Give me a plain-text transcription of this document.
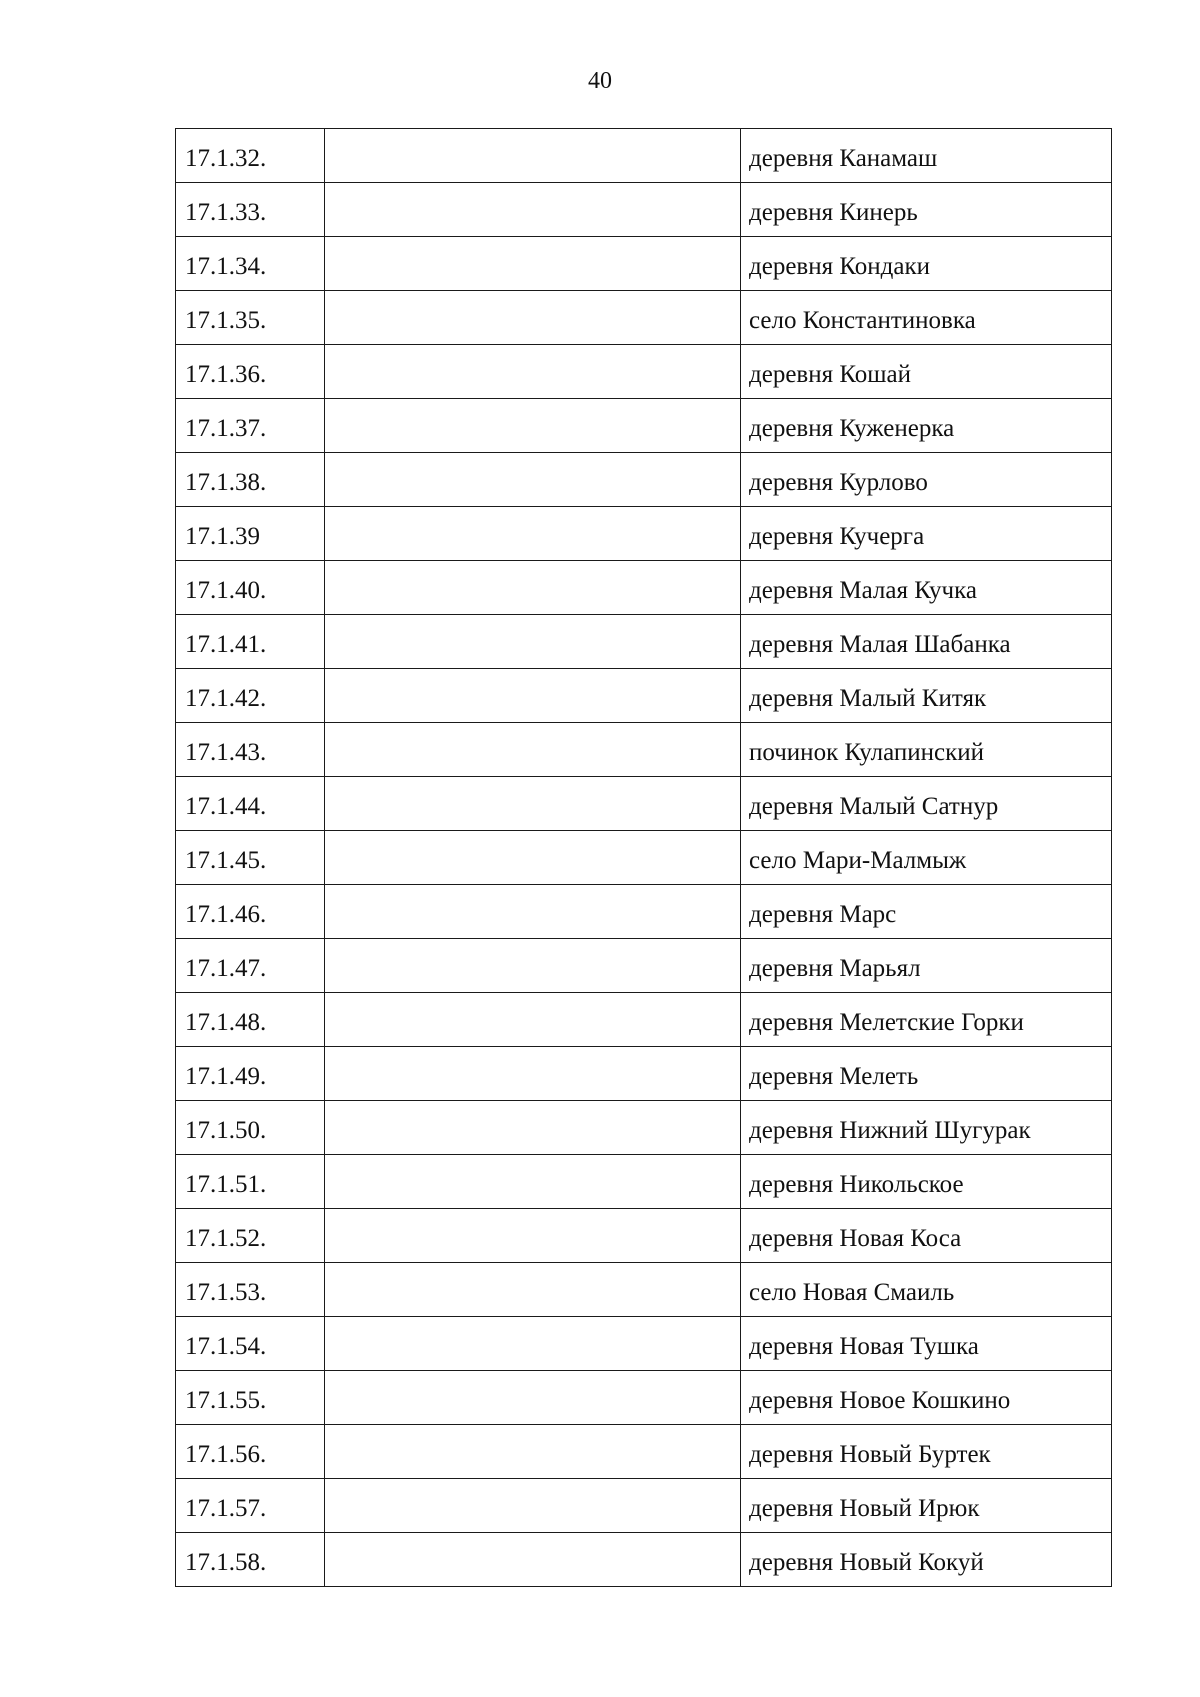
40
17.1.32.		деревня Канамаш
17.1.33.		деревня Кинерь
17.1.34.		деревня Кондаки
17.1.35.		село Константиновка
17.1.36.		деревня Кошай
17.1.37.		деревня Куженерка
17.1.38.		деревня Курлово
17.1.39		деревня Кучерга
17.1.40.		деревня Малая Кучка
17.1.41.		деревня Малая Шабанка
17.1.42.		деревня Малый Китяк
17.1.43.		починок Кулапинский
17.1.44.		деревня Малый Сатнур
17.1.45.		село Мари-Малмыж
17.1.46.		деревня Марс
17.1.47.		деревня Марьял
17.1.48.		деревня Мелетские Горки
17.1.49.		деревня Мелеть
17.1.50.		деревня Нижний Шугурак
17.1.51.		деревня Никольское
17.1.52.		деревня Новая Коса
17.1.53.		село Новая Смаиль
17.1.54.		деревня Новая Тушка
17.1.55.		деревня Новое Кошкино
17.1.56.		деревня Новый Буртек
17.1.57.		деревня Новый Ирюк
17.1.58.		деревня Новый Кокуй
